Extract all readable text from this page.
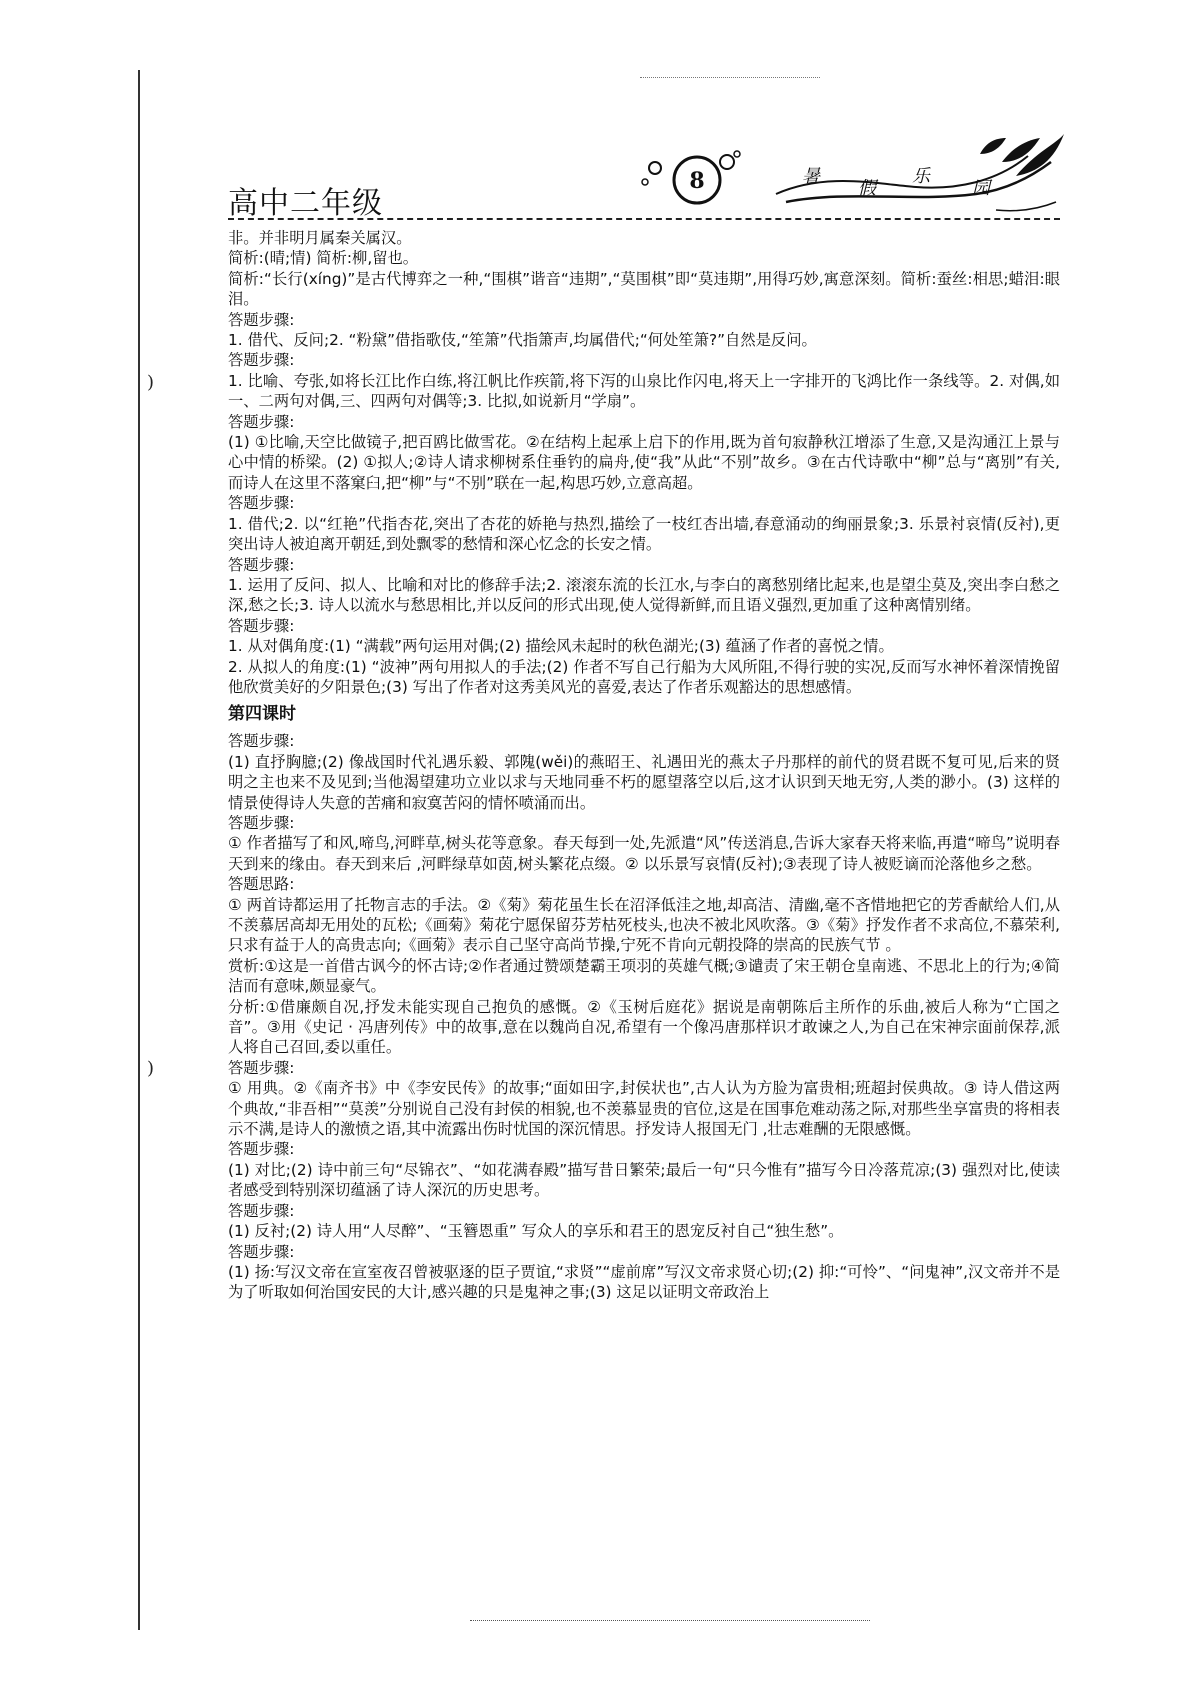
)
)
高中二年级
8	暑
假
乐
园

非。并非明月属秦关属汉。

简析:(晴;情) 简析:柳,留也。

简析:“长行(xíng)”是古代博弈之一种,“围棋”谐音“违期”,“莫围棋”即“莫违期”,用得巧妙,寓意深刻。简析:蚕丝:相思;蜡泪:眼泪。

答题步骤:

1. 借代、反问;2. “粉黛”借指歌伎,“笙箫”代指箫声,均属借代;“何处笙箫?”自然是反问。

答题步骤:

1. 比喻、夸张,如将长江比作白练,将江帆比作疾箭,将下泻的山泉比作闪电,将天上一字排开的飞鸿比作一条线等。2. 对偶,如一、二两句对偶,三、四两句对偶等;3. 比拟,如说新月“学扇”。

答题步骤:

(1) ①比喻,天空比做镜子,把百鸥比做雪花。②在结构上起承上启下的作用,既为首句寂静秋江增添了生意,又是沟通江上景与心中情的桥梁。(2) ①拟人;②诗人请求柳树系住垂钓的扁舟,使“我”从此“不别”故乡。③在古代诗歌中“柳”总与“离别”有关,而诗人在这里不落窠臼,把“柳”与“不别”联在一起,构思巧妙,立意高超。

答题步骤:

1. 借代;2. 以“红艳”代指杏花,突出了杏花的娇艳与热烈,描绘了一枝红杏出墙,春意涌动的绚丽景象;3. 乐景衬哀情(反衬),更突出诗人被迫离开朝廷,到处飘零的愁情和深心忆念的长安之情。

答题步骤:

1. 运用了反问、拟人、比喻和对比的修辞手法;2. 滚滚东流的长江水,与李白的离愁别绪比起来,也是望尘莫及,突出李白愁之深,愁之长;3. 诗人以流水与愁思相比,并以反问的形式出现,使人觉得新鲜,而且语义强烈,更加重了这种离情别绪。

答题步骤:

1. 从对偶角度:(1) “满载”两句运用对偶;(2) 描绘风未起时的秋色湖光;(3) 蕴涵了作者的喜悦之情。

2. 从拟人的角度:(1) “波神”两句用拟人的手法;(2) 作者不写自己行船为大风所阻,不得行驶的实况,反而写水神怀着深情挽留他欣赏美好的夕阳景色;(3) 写出了作者对这秀美风光的喜爱,表达了作者乐观豁达的思想感情。

第四课时

答题步骤:

(1) 直抒胸臆;(2) 像战国时代礼遇乐毅、郭隗(wěi)的燕昭王、礼遇田光的燕太子丹那样的前代的贤君既不复可见,后来的贤明之主也来不及见到;当他渴望建功立业以求与天地同垂不朽的愿望落空以后,这才认识到天地无穷,人类的渺小。(3) 这样的情景使得诗人失意的苦痛和寂寞苦闷的情怀喷涌而出。

答题步骤:

① 作者描写了和风,啼鸟,河畔草,树头花等意象。春天每到一处,先派遣“风”传送消息,告诉大家春天将来临,再遣“啼鸟”说明春天到来的缘由。春天到来后 ,河畔绿草如茵,树头繁花点缀。② 以乐景写哀情(反衬);③表现了诗人被贬谪而沦落他乡之愁。

答题思路:

① 两首诗都运用了托物言志的手法。②《菊》菊花虽生长在沼泽低洼之地,却高洁、清幽,毫不吝惜地把它的芳香献给人们,从不羡慕居高却无用处的瓦松;《画菊》菊花宁愿保留芬芳枯死枝头,也决不被北风吹落。③《菊》抒发作者不求高位,不慕荣利,只求有益于人的高贵志向;《画菊》表示自己坚守高尚节操,宁死不肯向元朝投降的崇高的民族气节 。

赏析:①这是一首借古讽今的怀古诗;②作者通过赞颂楚霸王项羽的英雄气概;③谴责了宋王朝仓皇南逃、不思北上的行为;④简洁而有意味,颇显豪气。

分析:①借廉颇自况,抒发未能实现自己抱负的感慨。②《玉树后庭花》据说是南朝陈后主所作的乐曲,被后人称为“亡国之音”。③用《史记 · 冯唐列传》中的故事,意在以魏尚自况,希望有一个像冯唐那样识才敢谏之人,为自己在宋神宗面前保荐,派人将自己召回,委以重任。

答题步骤:

① 用典。②《南齐书》中《李安民传》的故事;“面如田字,封侯状也”,古人认为方脸为富贵相;班超封侯典故。③ 诗人借这两个典故,“非吾相”“莫羡”分别说自己没有封侯的相貌,也不羡慕显贵的官位,这是在国事危难动荡之际,对那些坐享富贵的将相表示不满,是诗人的激愤之语,其中流露出伤时忧国的深沉情思。抒发诗人报国无门 ,壮志难酬的无限感慨。

答题步骤:

(1) 对比;(2) 诗中前三句“尽锦衣”、“如花满春殿”描写昔日繁荣;最后一句“只今惟有”描写今日冷落荒凉;(3) 强烈对比,使读者感受到特别深切蕴涵了诗人深沉的历史思考。

答题步骤:

(1) 反衬;(2) 诗人用“人尽醉”、“玉簪恩重” 写众人的享乐和君王的恩宠反衬自己“独生愁”。

答题步骤:

(1) 扬:写汉文帝在宣室夜召曾被驱逐的臣子贾谊,“求贤”“虚前席”写汉文帝求贤心切;(2) 抑:“可怜”、“问鬼神”,汉文帝并不是为了听取如何治国安民的大计,感兴趣的只是鬼神之事;(3) 这足以证明文帝政治上
